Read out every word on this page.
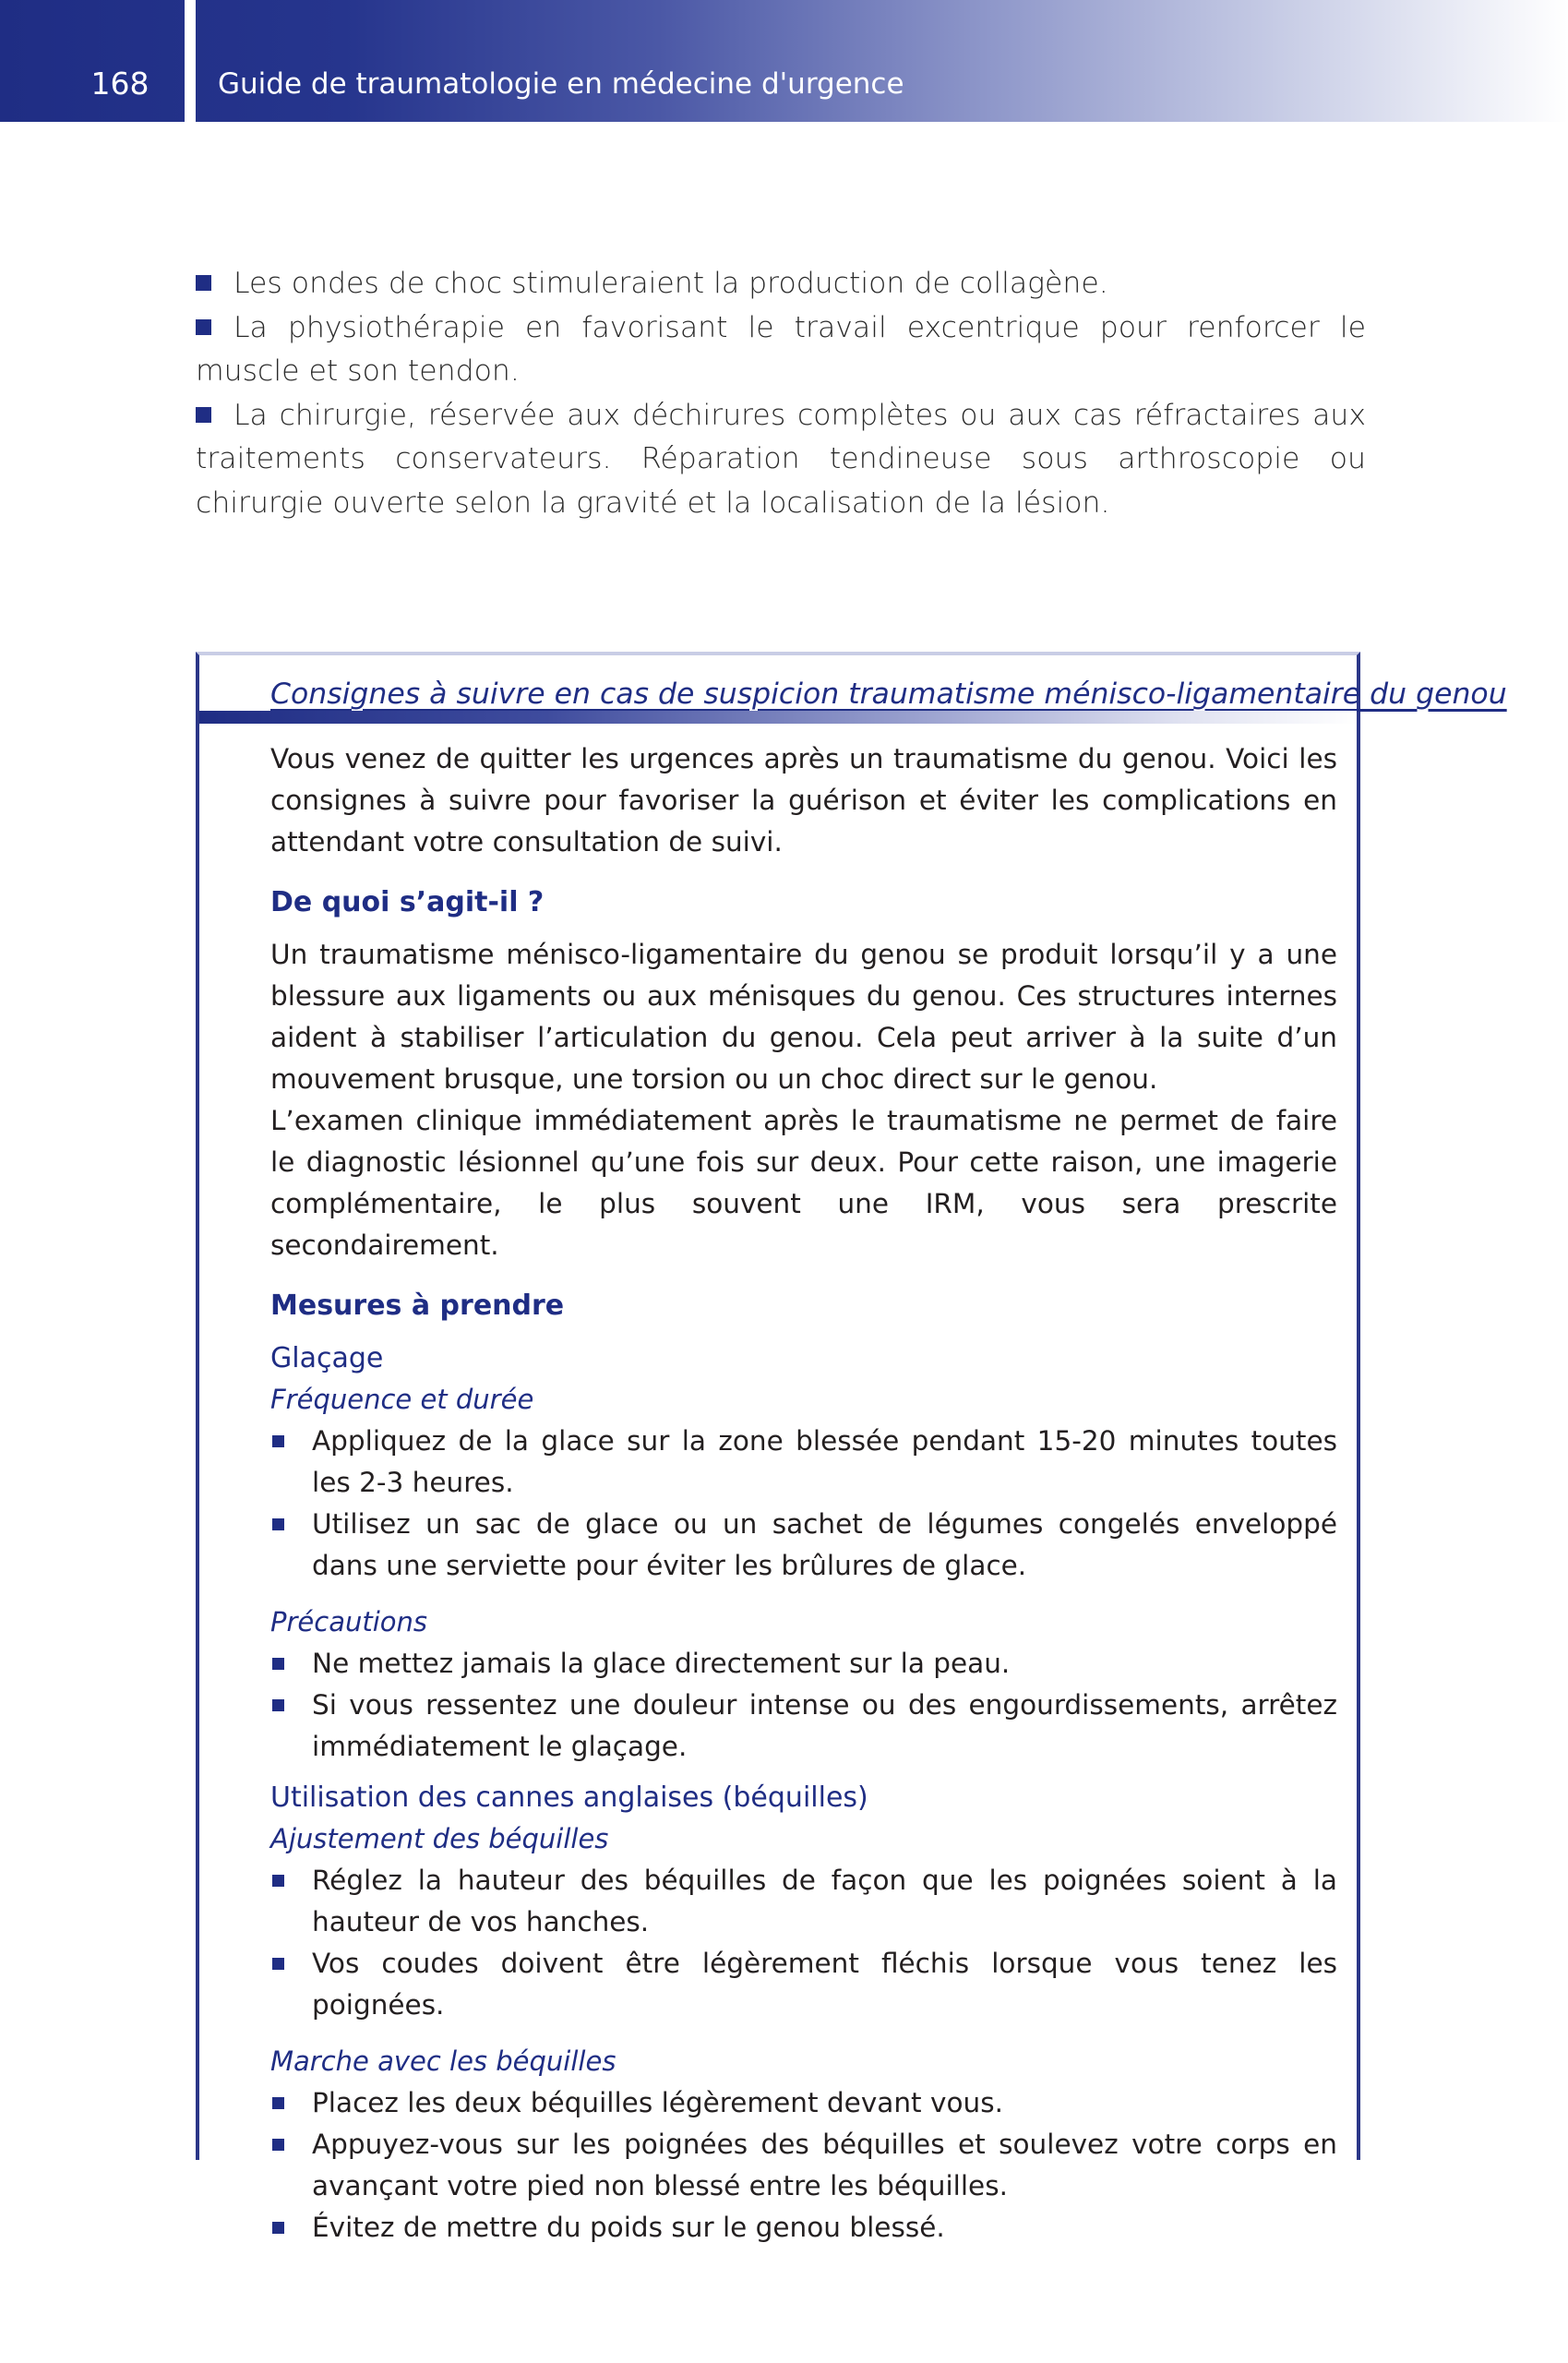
168	Guide de traumatologie en médecine d'urgence

Les ondes de choc stimuleraient la production de collagène.

La physiothérapie en favorisant le travail excentrique pour renforcer le muscle et son tendon.

La chirurgie, réservée aux déchirures complètes ou aux cas réfractaires aux traitements conservateurs. Réparation tendineuse sous arthroscopie ou chirurgie ouverte selon la gravité et la localisation de la lésion.

Consignes à suivre en cas de suspicion traumatisme ménisco-ligamentaire du genou

Vous venez de quitter les urgences après un traumatisme du genou. Voici les consignes à suivre pour favoriser la guérison et éviter les complications en attendant votre consultation de suivi.

De quoi s’agit-il ?

Un traumatisme ménisco-ligamentaire du genou se produit lorsqu’il y a une blessure aux ligaments ou aux ménisques du genou. Ces structures internes aident à stabiliser l’articulation du genou. Cela peut arriver à la suite d’un mouvement brusque, une torsion ou un choc direct sur le genou.

L’examen clinique immédiatement après le traumatisme ne permet de faire le diagnostic lésionnel qu’une fois sur deux. Pour cette raison, une imagerie complémentaire, le plus souvent une IRM, vous sera prescrite secondairement.

Mesures à prendre
Glaçage
Fréquence et durée
Appliquez de la glace sur la zone blessée pendant 15-20 minutes toutes les 2-3 heures.
Utilisez un sac de glace ou un sachet de légumes congelés enveloppé dans une serviette pour éviter les brûlures de glace.
Précautions
Ne mettez jamais la glace directement sur la peau.
Si vous ressentez une douleur intense ou des engourdissements, arrêtez immédiatement le glaçage.
Utilisation des cannes anglaises (béquilles)
Ajustement des béquilles
Réglez la hauteur des béquilles de façon que les poignées soient à la hauteur de vos hanches.
Vos coudes doivent être légèrement fléchis lorsque vous tenez les poignées.
Marche avec les béquilles
Placez les deux béquilles légèrement devant vous.
Appuyez-vous sur les poignées des béquilles et soulevez votre corps en avançant votre pied non blessé entre les béquilles.
Évitez de mettre du poids sur le genou blessé.
